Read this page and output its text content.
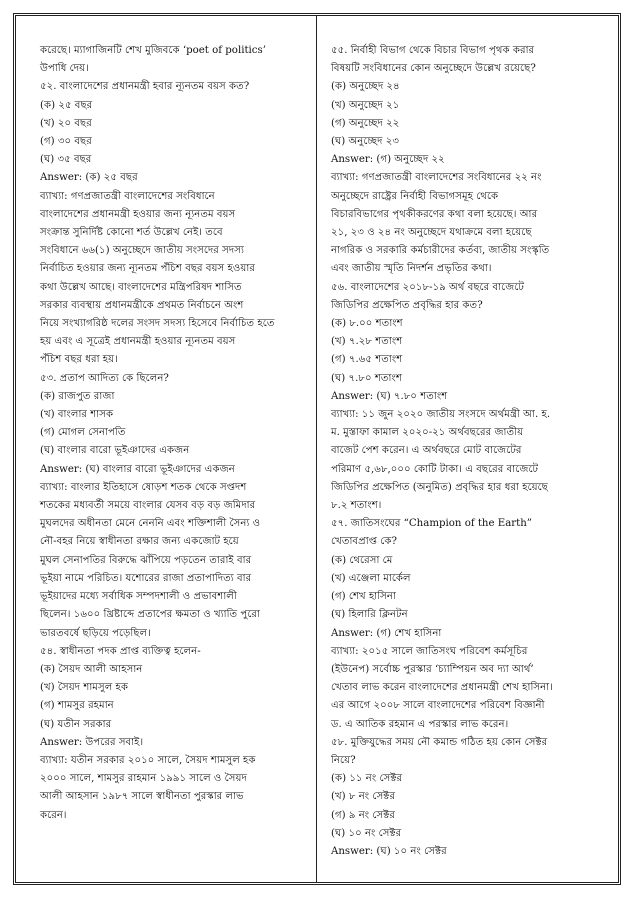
করেছে। ম্যাগাজিনটি শেখ মুজিবকে ‘poet of politics’

উপাধি দেয়।

৫২. বাংলাদেশের প্রধানমন্ত্রী হবার ন্যূনতম বয়স কত?

(ক) ২৫ বছর

(খ) ২০ বছর

(গ) ৩০ বছর

(ঘ) ৩৫ বছর

Answer: (ক) ২৫ বছর

ব্যাখ্যা: গণপ্রজাতন্ত্রী বাংলাদেশের সংবিধানে

বাংলাদেশের প্রধানমন্ত্রী হওয়ার জন্য ন্যূনতম বয়স

সংক্রান্ত সুনির্দিষ্ট কোনো শর্ত উল্লেখ নেই। তবে

সংবিধানে ৬৬(১) অনুচ্ছেদে জাতীয় সংসদের সদস্য

নির্বাচিত হওয়ার জন্য ন্যূনতম পঁচিশ বছর বয়স হওয়ার

কথা উল্লেখ আছে। বাংলাদেশের মন্ত্রিপরিষদ শাসিত

সরকার ব্যবস্থায় প্রধানমন্ত্রীকে প্রথমত নির্বাচনে অংশ

নিয়ে সংখ্যাগরিষ্ঠ দলের সংসদ সদস্য হিসেবে নির্বাচিত হতে

হয় এবং এ সূত্রেই প্রধানমন্ত্রী হওয়ার ন্যূনতম বয়স

পঁচিশ বছর ধরা হয়।

৫৩. প্রতাপ আদিত্য কে ছিলেন?

(ক) রাজপুত রাজা

(খ) বাংলার শাসক

(গ) মোগল সেনাপতি

(ঘ) বাংলার বারো ভূইঞাদের একজন

Answer: (ঘ) বাংলার বারো ভূইঞাদের একজন

ব্যাখ্যা: বাংলার ইতিহাসে ষোড়শ শতক থেকে সপ্তদশ

শতকের মধ্যবর্তী সময়ে বাংলার যেসব বড় বড় জমিদার

মুঘলদের অধীনতা মেনে নেননি এবং শক্তিশালী সৈন্য ও

নৌ-বহর নিয়ে স্বাধীনতা রক্ষার জন্য একজোট হয়ে

মুঘল সেনাপতির বিরুদ্ধে ঝাঁপিয়ে পড়তেন তারাই বার

ভূইয়া নামে পরিচিত। যশোরের রাজা প্রতাপাদিত্য বার

ভূইয়াদের মধ্যে সর্বাধিক সম্পদশালী ও প্রভাবশালী

ছিলেন। ১৬০০ খ্রিষ্টাব্দে প্রতাপের ক্ষমতা ও খ্যাতি পুরো

ভারতবর্ষে ছড়িয়ে পড়েছিল।

৫৪. স্বাধীনতা পদক প্রাপ্ত ব্যক্তিত্ব হলেন-

(ক) সৈয়দ আলী আহসান

(খ) সৈয়দ শামসুল হক

(গ) শামসুর রহমান

(ঘ) যতীন সরকার

Answer: উপরের সবাই।

ব্যাখ্যা: যতীন সরকার ২০১০ সালে, সৈয়দ শামসুল হক

২০০০ সালে, শামসুর রাহমান ১৯৯১ সালে ও সৈয়দ

আলী আহসান ১৯৮৭ সালে স্বাধীনতা পুরস্কার লাভ

করেন।

৫৫. নির্বাহী বিভাগ থেকে বিচার বিভাগ পৃথক করার

বিষয়টি সংবিধানের কোন অনুচ্ছেদে উল্লেখ রয়েছে?

(ক) অনুচ্ছেদ ২৪

(খ) অনুচ্ছেদ ২১

(গ) অনুচ্ছেদ ২২

(ঘ) অনুচ্ছেদ ২৩

Answer: (গ) অনুচ্ছেদ ২২

ব্যাখ্যা: গণপ্রজাতন্ত্রী বাংলাদেশের সংবিধানের ২২ নং

অনুচ্ছেদে রাষ্ট্রের নির্বাহী বিভাগসমূহ থেকে

বিচারবিভাগের পৃথকীকরণের কথা বলা হয়েছে। আর

২১, ২৩ ও ২৪ নং অনুচ্ছেদে যথাক্রমে বলা হয়েছে

নাগরিক ও সরকারি কর্মচারীদের কর্তব্য, জাতীয় সংস্কৃতি

এবং জাতীয় স্মৃতি নিদর্শন প্রভৃতির কথা।

৫৬. বাংলাদেশের ২০১৮-১৯ অর্থ বছরে বাজেটে

জিডিপির প্রক্ষেপিত প্রবৃদ্ধির হার কত?

(ক) ৮.০০ শতাংশ

(খ) ৭.২৮ শতাংশ

(গ) ৭.৬৫ শতাংশ

(ঘ) ৭.৮০ শতাংশ

Answer: (ঘ) ৭.৮০ শতাংশ

ব্যাখ্যা: ১১ জুন ২০২০ জাতীয় সংসদে অর্থমন্ত্রী আ. হ.

ম. মুস্তাফা কামাল ২০২০-২১ অর্থবছরের জাতীয়

বাজেট পেশ করেন। এ অর্থবছরে মোট বাজেটের

পরিমাণ ৫,৬৮,০০০ কোটি টাকা। এ বছরের বাজেটে

জিডিপির প্রক্ষেপিত (অনুমিত) প্রবৃদ্ধির হার ধরা হয়েছে

৮.২ শতাংশ।

৫৭. জাতিসংঘের “Champion of the Earth”

খেতাবপ্রাপ্ত কে?

(ক) থেরেসা মে

(খ) এঞ্জেলা মার্কেল

(গ) শেখ হাসিনা

(ঘ) হিলারি ক্লিনটন

Answer: (গ) শেখ হাসিনা

ব্যাখ্যা: ২০১৫ সালে জাতিসংঘ পরিবেশ কর্মসূচির

(ইউনেপ) সর্বোচ্চ পুরস্কার ‘চ্যাম্পিয়ন অব দ্যা আর্থ’

খেতাব লাভ করেন বাংলাদেশের প্রধানমন্ত্রী শেখ হাসিনা।

এর আগে ২০০৮ সালে বাংলাদেশের পরিবেশ বিজ্ঞানী

ড. এ আতিক রহমান এ পরস্কার লাভ করেন।

৫৮. মুক্তিযুদ্ধের সময় নৌ কমান্ড গঠিত হয় কোন সেক্টর

নিয়ে?

(ক) ১১ নং সেক্টর

(খ) ৮ নং সেক্টর

(গ) ৯ নং সেক্টর

(ঘ) ১০ নং সেক্টর

Answer: (ঘ) ১০ নং সেক্টর
